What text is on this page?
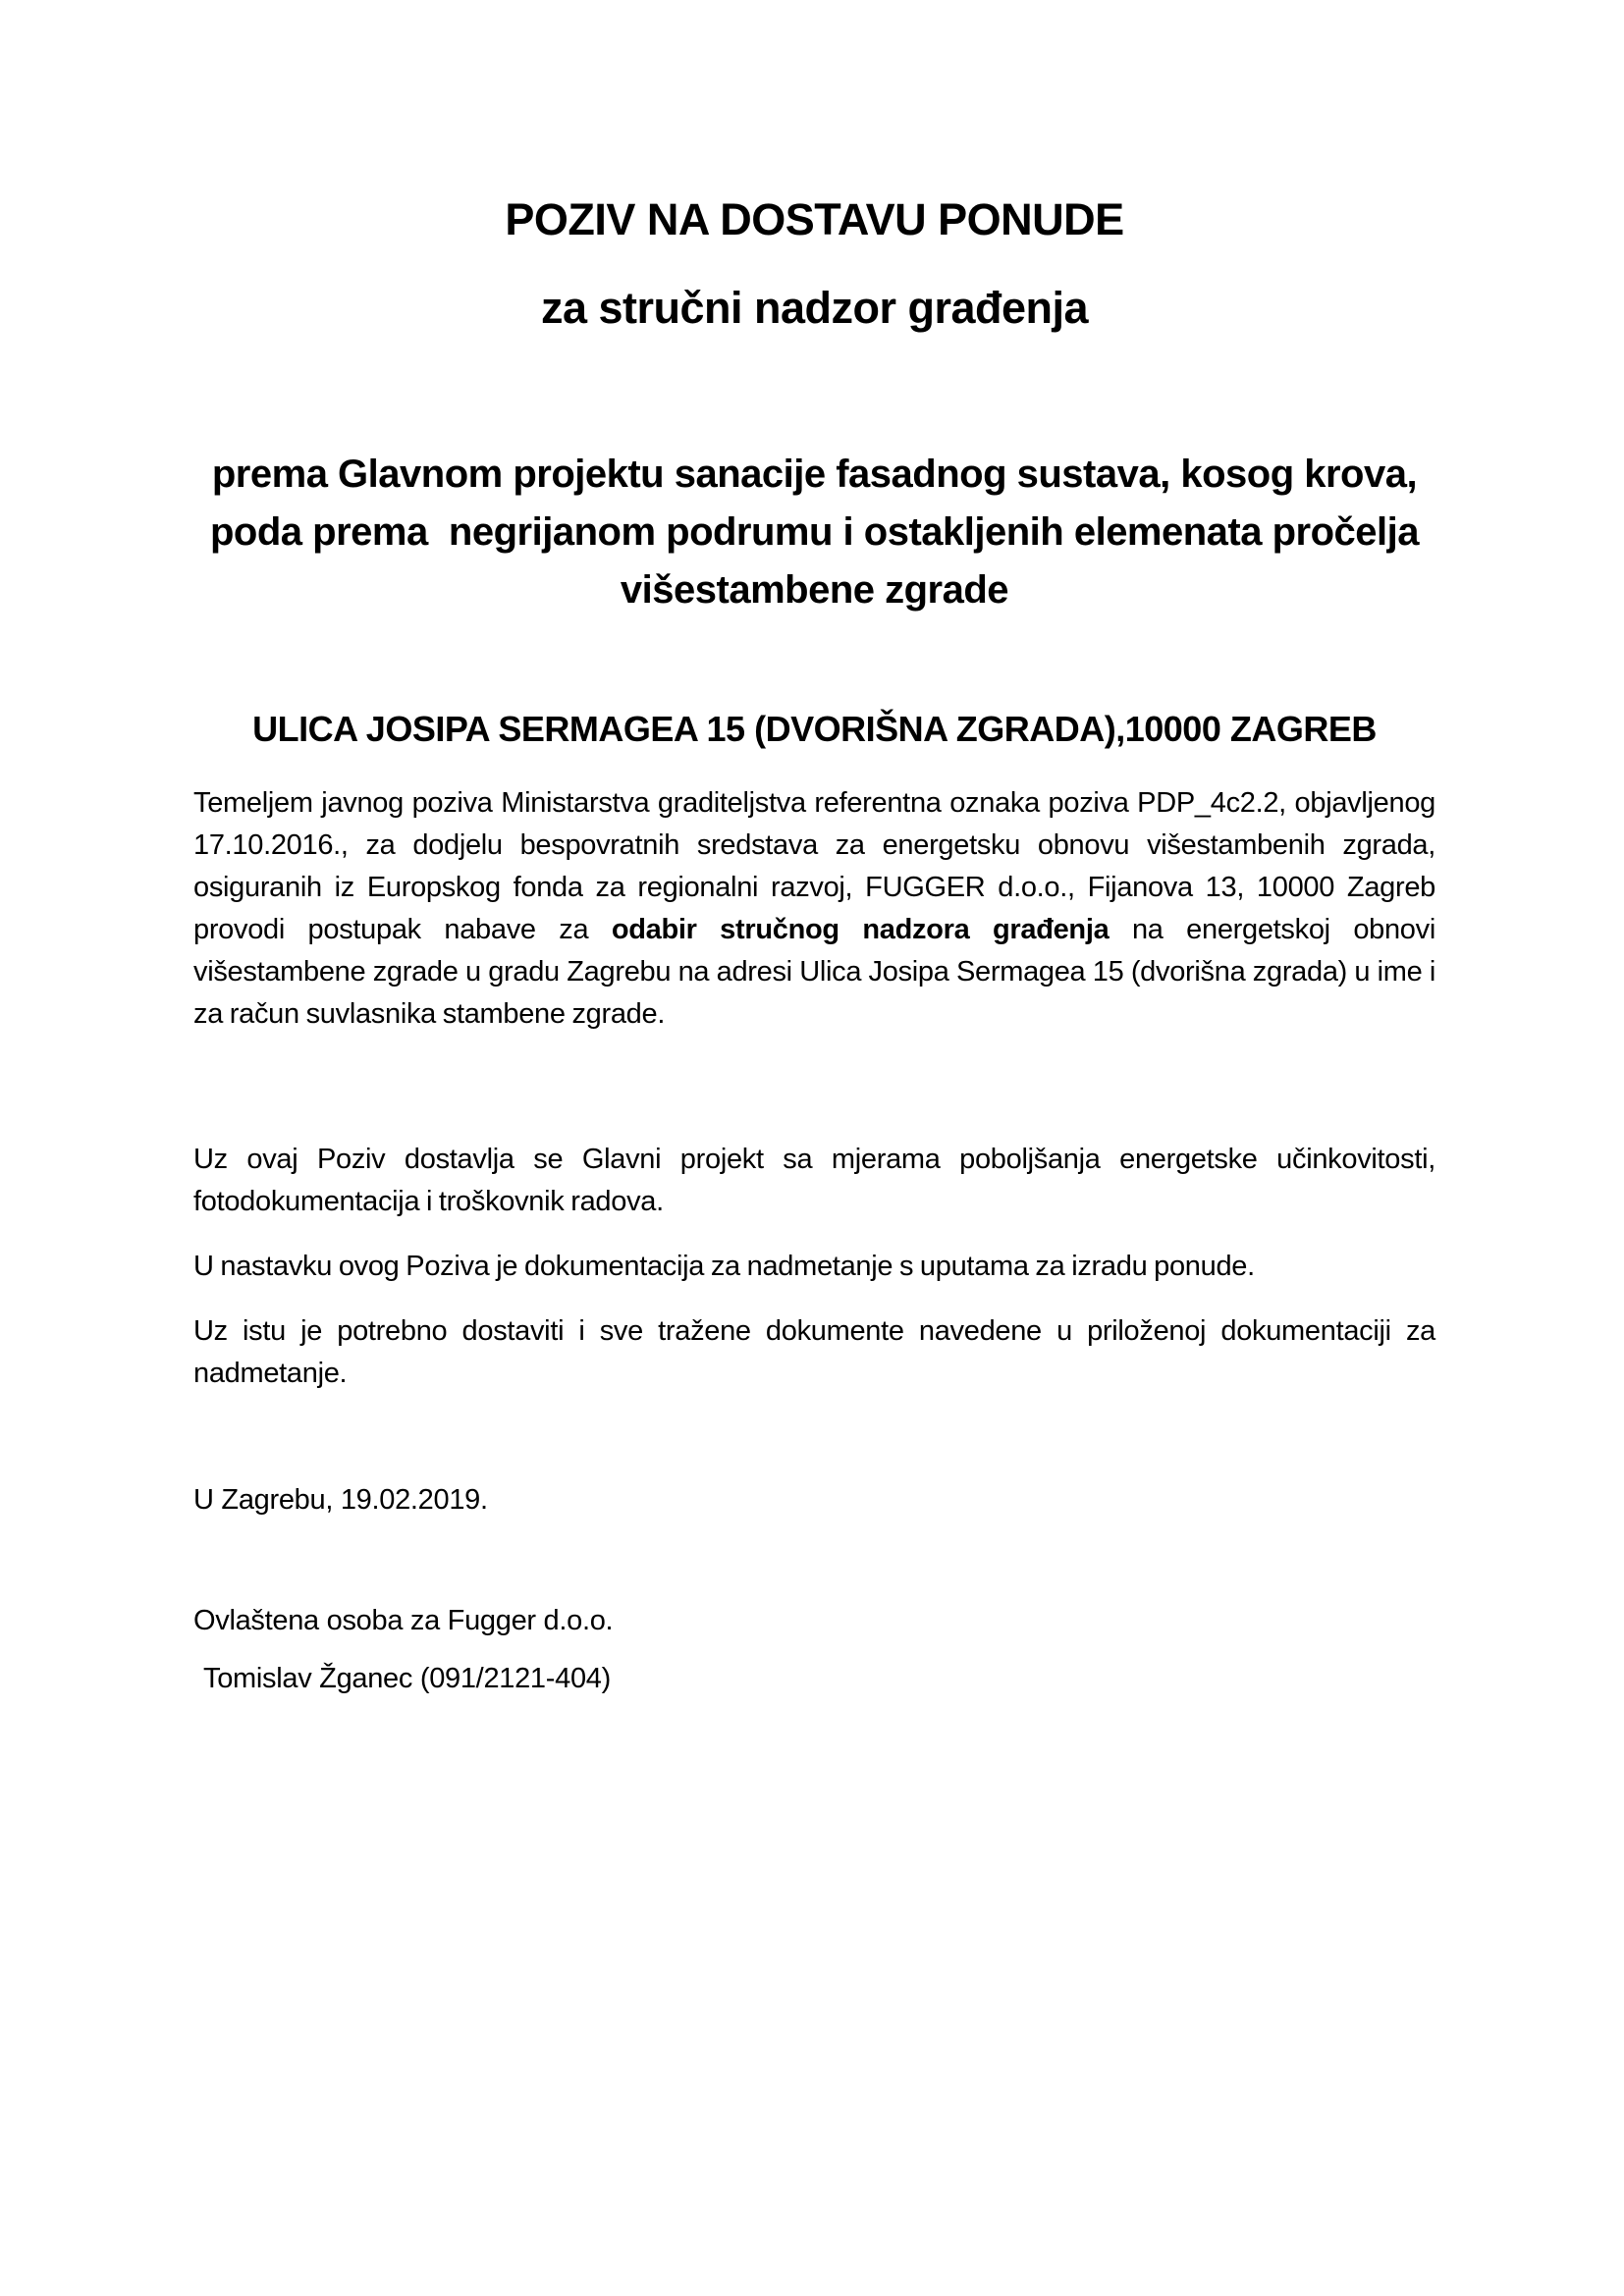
POZIV NA DOSTAVU PONUDE
za stručni nadzor građenja
prema Glavnom projektu sanacije fasadnog sustava, kosog krova,
poda prema  negrijanom podrumu i ostakljenih elemenata pročelja
višestambene zgrade
ULICA JOSIPA SERMAGEA 15 (DVORIŠNA ZGRADA),10000 ZAGREB

Temeljem javnog poziva Ministarstva graditeljstva referentna oznaka poziva PDP_4c2.2, objavljenog 17.10.2016., za dodjelu bespovratnih sredstava za energetsku obnovu višestambenih zgrada, osiguranih iz Europskog fonda za regionalni razvoj, FUGGER d.o.o., Fijanova 13, 10000 Zagreb provodi postupak nabave za odabir stručnog nadzora građenja na energetskoj obnovi višestambene zgrade u gradu Zagrebu na adresi Ulica Josipa Sermagea 15 (dvorišna zgrada) u ime i za račun suvlasnika stambene zgrade.

Uz ovaj Poziv dostavlja se Glavni projekt sa mjerama poboljšanja energetske učinkovitosti, fotodokumentacija i troškovnik radova.

U nastavku ovog Poziva je dokumentacija za nadmetanje s uputama za izradu ponude.

Uz istu je potrebno dostaviti i sve tražene dokumente navedene u priloženoj dokumentaciji za nadmetanje.

U Zagrebu, 19.02.2019.
Ovlaštena osoba za Fugger d.o.o.
Tomislav Žganec (091/2121-404)
